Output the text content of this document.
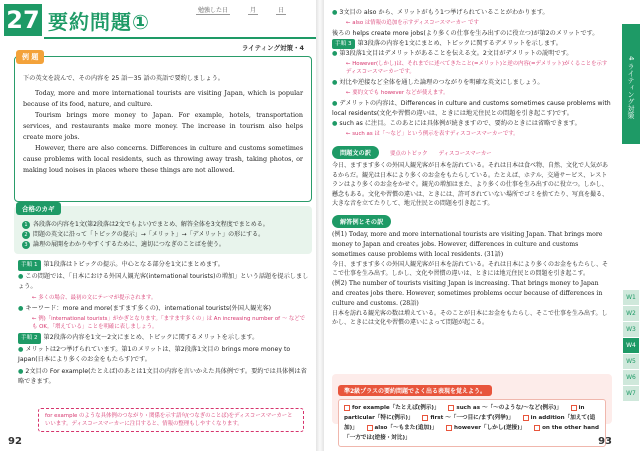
27 要約問題①	勉強した日	月	日
ライティング対策・4
下の英文を読んで、その内容を 25 語～35 語の英語で要約しましょう。

Today, more and more international tourists are visiting Japan, which is popular because of its food, nature, and culture.

Tourism brings more money to Japan. For example, hotels, transportation services, and restaurants make more money. The increase in tourism also helps create more jobs.

However, there are also concerns. Differences in culture and customs sometimes cause problems with local residents, such as throwing away trash, taking photos, or making loud noises in places where these things are not allowed.

例 題
1 各段落の内容を1文(第2段落は2文でもよい)でまとめ、解答全体を3文程度でまとめる。
2 問題の英文に沿って「トピックの提示」→「メリット」→「デメリット」の形にする。
3 論理の展開をわかりやすくするために、適切につなぎのことばを使う。
合格のカギ
手順 1 第1段落はトピックの提示。中心となる部分を1文にまとめます。
● この問題では、「日本における外国人観光客(international tourists)の増加」という話題を提示しましょう。
← 多くの場合、最初の文にテーマが提示されます。
● キーワード：more and more(ますます多くの)、international tourists(外国人観光客)
← 例)「international tourists」がかぎとなります。「ますます多くの」は An increasing number of ～ などでも OK。「増えている」ことを明確に表しましょう。
手順 2 第2段落の内容を1文～2文にまとめ、トピックに関するメリットを示します。
● メリットは2つ挙げられています。第1のメリットは、第2段落1文目の brings more money to Japan(日本により多くのお金をもたらす)です。
● 2文目の For example(たとえば)のあとは1文目の内容を言いかえた具体例です。要約では具体例は省略できます。
for example のような具体例のつながり・関係を示す語句(つなぎのことば)をディスコースマーカーといいます。ディスコースマーカーに注目すると、情報の整理もしやすくなります。
92
● 3文目の also から、メリットがもう1つ挙げられていることがわかります。
← also は情報の追加を示すディスコースマーカー です
後ろの helps create more jobs(より多くの仕事を生み出すのに役立つ)が第2のメリットです。
手順 3 第3段落の内容を1文にまとめ、トピックに関するデメリットを示します。
● 第3段落1文目はデメリットがあることを伝える文。2文目がデメリットの説明です。
← However(しかし)は、それまでに述べてきたこと(=メリット)と逆の内容(=デメリット)がくることを示すディスコースマーカーです。
● 対比や逆接など全体を通した論理のつながりを明確な英文にしましょう。
← 要約文でも however などが使えます。
● デメリットの内容は、Differences in culture and customs sometimes cause problems with local residents(文化や習慣の違いは、ときには地元住民との問題を引き起こす)です。
● such as に注目。このあとには具体例が続きますので、要約のときには省略できます。
← such as は「～など」という例示を表すディスコースマーカーです。
問題文の訳	要点のトピック ディスコースマーカー
今日、ますます多くの外国人観光客が日本を訪れている。それは日本は食べ物、自然、文化で人気があるからだ。観光は日本により多くのお金をもたらしている。たとえば、ホテル、交通サービス、レストランはより多くのお金をかせぐ。観光の増加はまた、より多くの仕事を生み出すのに役立つ。しかし、懸念もある。文化や習慣の違いは、ときには、許可されていない場所でゴミを捨てたり、写真を撮る、大きな音を立てたりして、地元住民との問題を引き起こす。
解答例とその訳
(例1) Today, more and more international tourists are visiting Japan. That brings more money to Japan and creates jobs. However, differences in culture and customs sometimes cause problems with local residents. (31語)
今日、ますます多くの外国人観光客が日本を訪れている。それは日本により多くのお金をもたらし、そこで仕事を生み出す。しかし、文化や習慣の違いは、ときには地元住民との問題を引き起こす。
(例2) The number of tourists visiting Japan is increasing. That brings money to Japan and creates jobs there. However, sometimes problems occur because of differences in culture and customs. (28語)
日本を訪れる観光客の数は増えている。そのことが日本にお金をもたらし、そこで仕事を生み出す。しかし、ときには文化や習慣の違いによって問題が起こる。
準2級プラスの要約問題でよく出る表現を覚えよう。
for example「たとえば(例示)」	such as ～「～のような/～など(例示)」	in particular「特に(例示)」	first ～「一つ目に/まず(列挙)」	in addition「加えて(追加)」	also「～もまた(追加)」	however「しかし(逆接)」	on the other hand「一方では(逆接・対比)」
4 ライティング対策
W1
W2
W3
W4
W5
W6
W7
93
